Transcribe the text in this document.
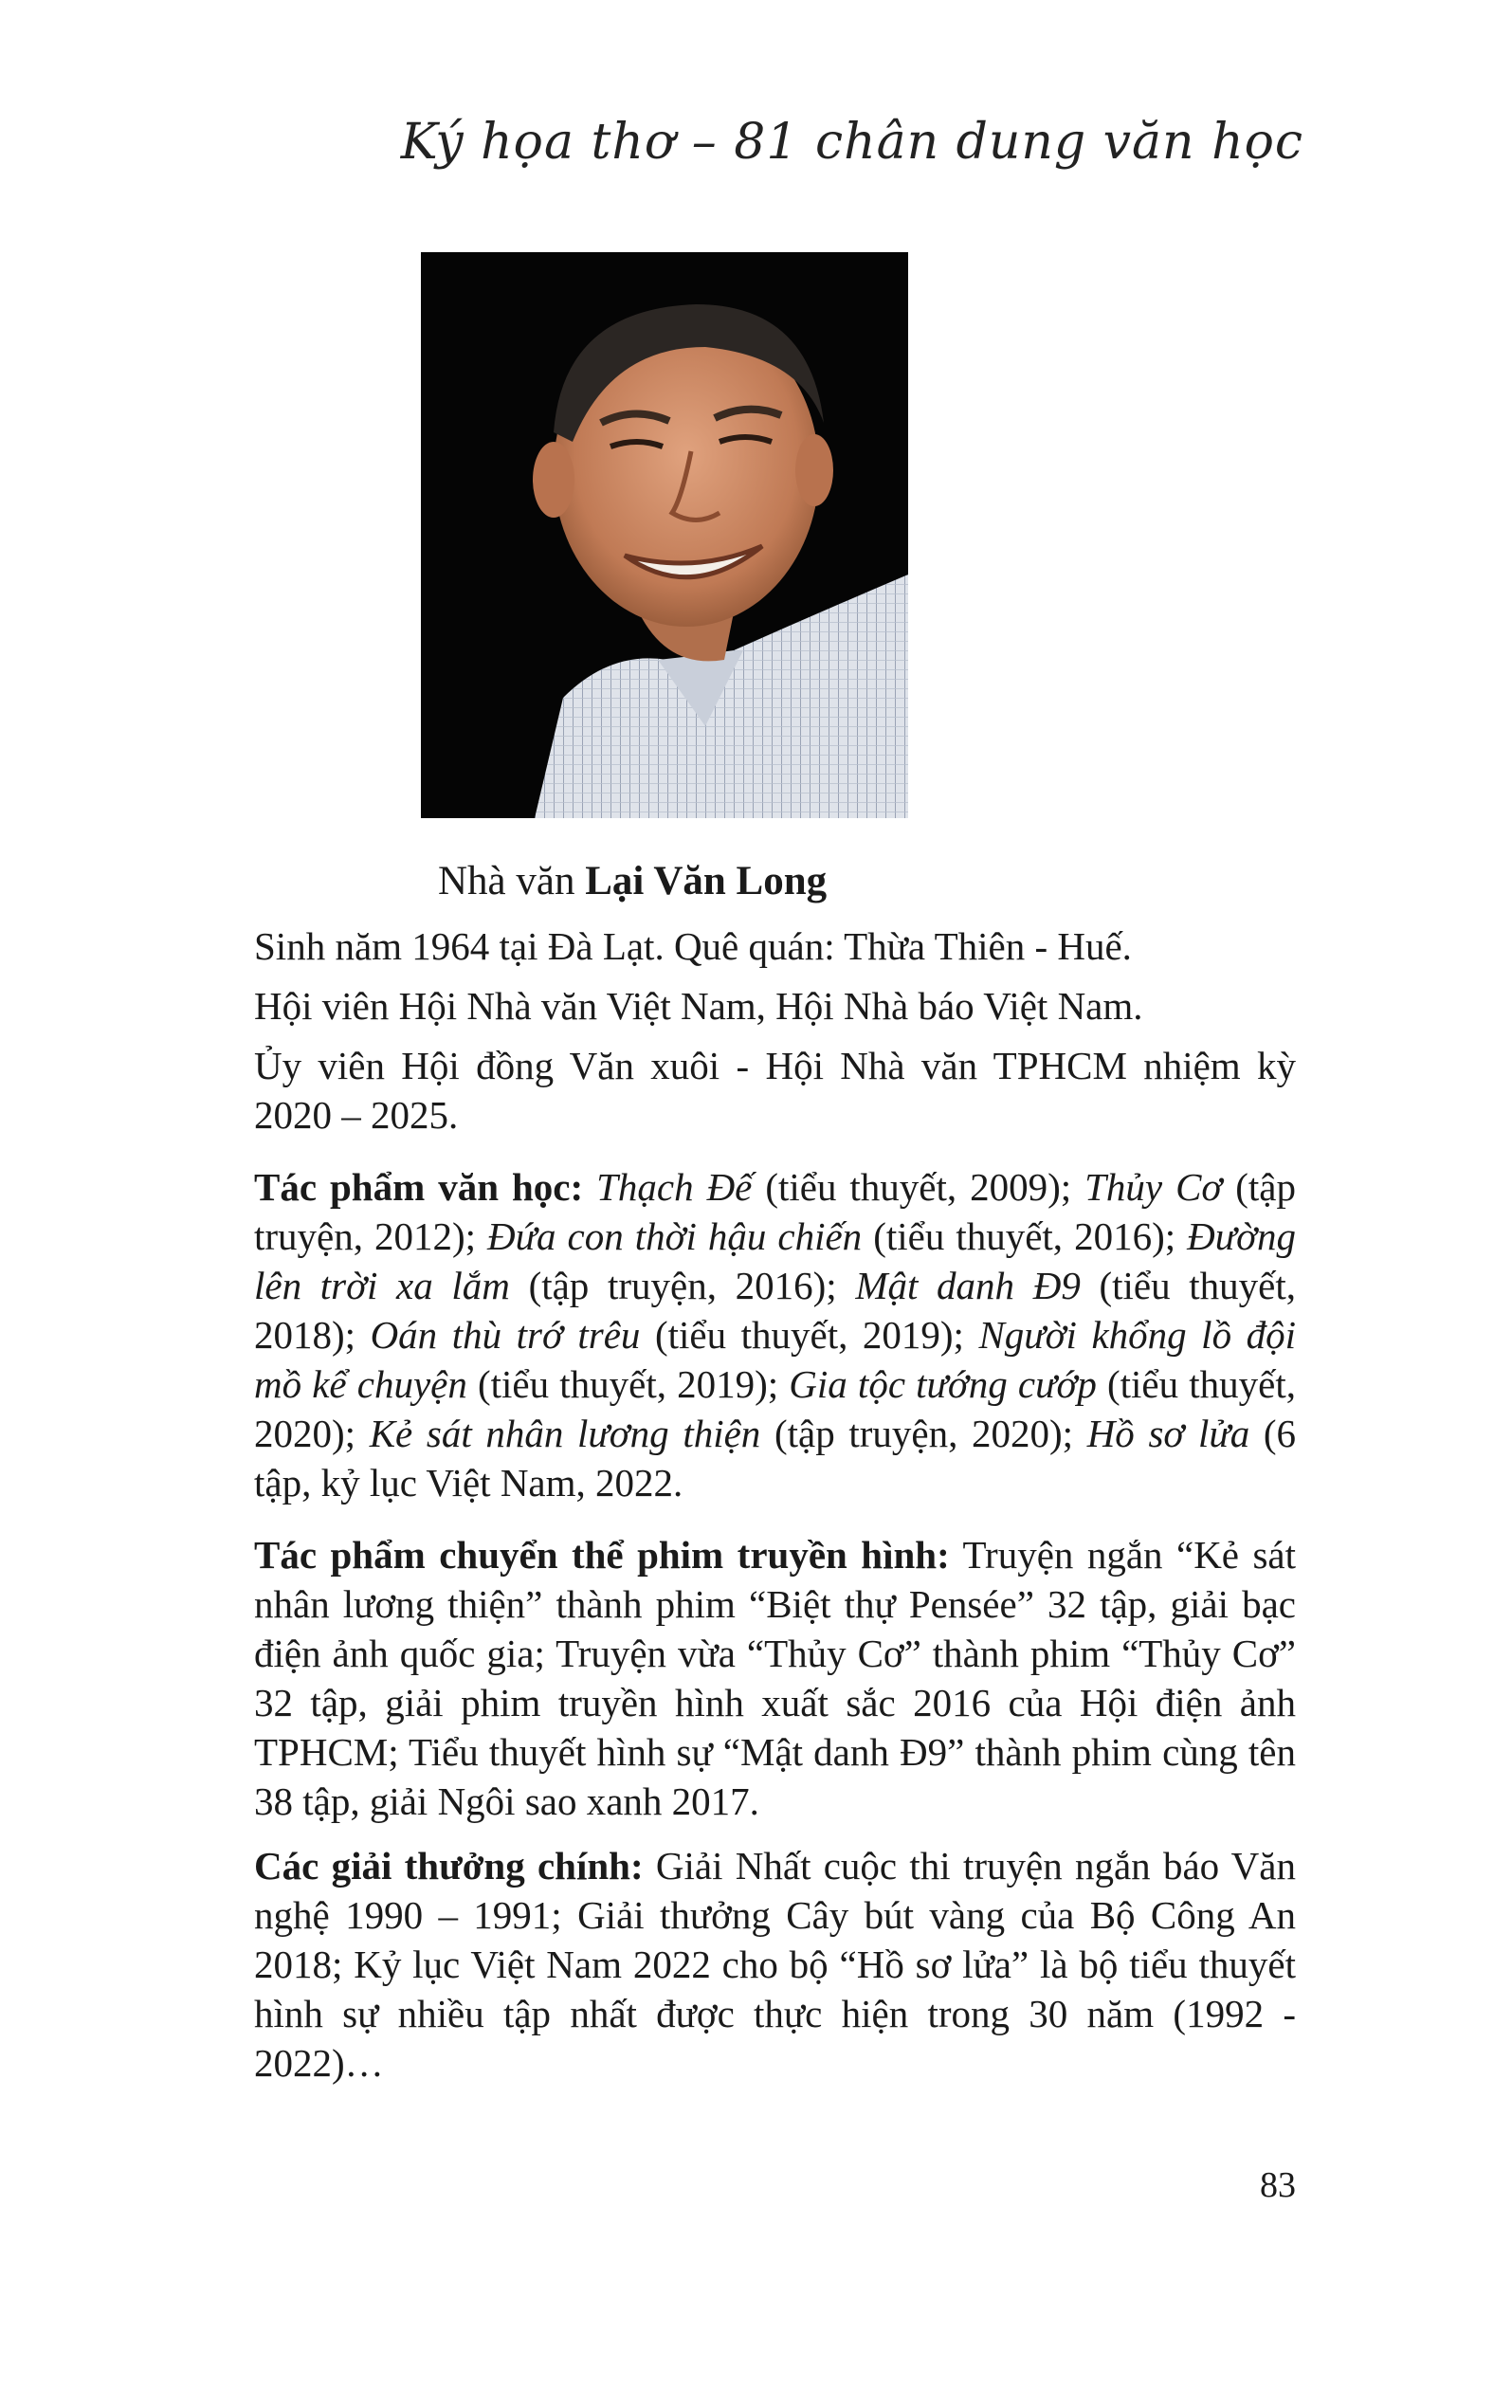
Ký họa thơ – 81 chân dung văn học
Nhà văn Lại Văn Long

Sinh năm 1964 tại Đà Lạt. Quê quán: Thừa Thiên - Huế.

Hội viên Hội Nhà văn Việt Nam, Hội Nhà báo Việt Nam.

Ủy viên Hội đồng Văn xuôi - Hội Nhà văn TPHCM nhiệm kỳ 2020 – 2025.

Tác phẩm văn học: Thạch Đế (tiểu thuyết, 2009); Thủy Cơ (tập truyện, 2012); Đứa con thời hậu chiến (tiểu thuyết, 2016); Đường lên trời xa lắm (tập truyện, 2016); Mật danh Đ9 (tiểu thuyết, 2018); Oán thù trớ trêu (tiểu thuyết, 2019); Người khổng lồ đội mồ kể chuyện (tiểu thuyết, 2019); Gia tộc tướng cướp (tiểu thuyết, 2020); Kẻ sát nhân lương thiện (tập truyện, 2020); Hồ sơ lửa (6 tập, kỷ lục Việt Nam, 2022.

Tác phẩm chuyển thể phim truyền hình: Truyện ngắn “Kẻ sát nhân lương thiện” thành phim “Biệt thự Pensée” 32 tập, giải bạc điện ảnh quốc gia; Truyện vừa “Thủy Cơ” thành phim “Thủy Cơ” 32 tập, giải phim truyền hình xuất sắc 2016 của Hội điện ảnh TPHCM; Tiểu thuyết hình sự “Mật danh Đ9” thành phim cùng tên 38 tập, giải Ngôi sao xanh 2017.

Các giải thưởng chính: Giải Nhất cuộc thi truyện ngắn báo Văn nghệ 1990 – 1991; Giải thưởng Cây bút vàng của Bộ Công An 2018; Kỷ lục Việt Nam 2022 cho bộ “Hồ sơ lửa” là bộ tiểu thuyết hình sự nhiều tập nhất được thực hiện trong 30 năm (1992 - 2022)…

83
